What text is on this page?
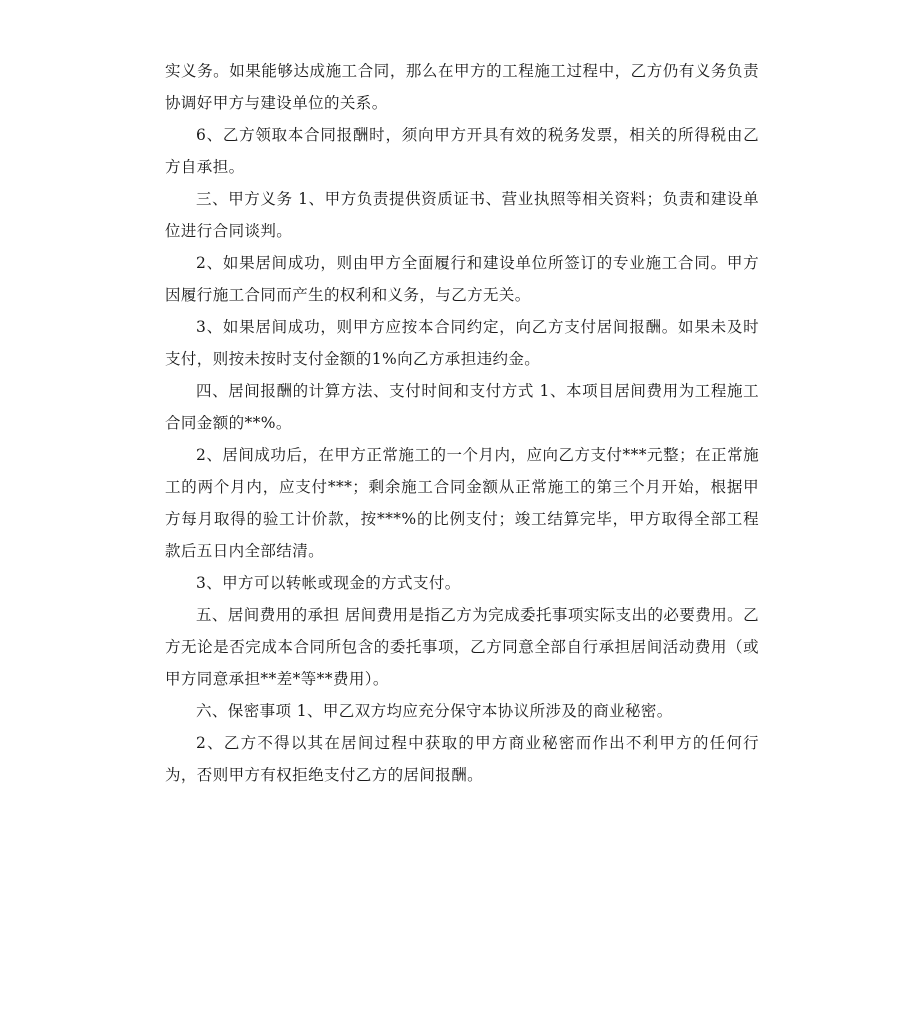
实义务。如果能够达成施工合同，那么在甲方的工程施工过程中，乙方仍有义务负责协调好甲方与建设单位的关系。

6、乙方领取本合同报酬时，须向甲方开具有效的税务发票，相关的所得税由乙方自承担。

三、甲方义务 1、甲方负责提供资质证书、营业执照等相关资料；负责和建设单位进行合同谈判。

2、如果居间成功，则由甲方全面履行和建设单位所签订的专业施工合同。甲方因履行施工合同而产生的权利和义务，与乙方无关。

3、如果居间成功，则甲方应按本合同约定，向乙方支付居间报酬。如果未及时支付，则按未按时支付金额的1%向乙方承担违约金。

四、居间报酬的计算方法、支付时间和支付方式 1、本项目居间费用为工程施工合同金额的**%。

2、居间成功后，在甲方正常施工的一个月内，应向乙方支付***元整；在正常施工的两个月内，应支付***；剩余施工合同金额从正常施工的第三个月开始，根据甲方每月取得的验工计价款，按***%的比例支付；竣工结算完毕，甲方取得全部工程款后五日内全部结清。

3、甲方可以转帐或现金的方式支付。

五、居间费用的承担 居间费用是指乙方为完成委托事项实际支出的必要费用。乙方无论是否完成本合同所包含的委托事项，乙方同意全部自行承担居间活动费用（或甲方同意承担**差*等**费用）。

六、保密事项 1、甲乙双方均应充分保守本协议所涉及的商业秘密。

2、乙方不得以其在居间过程中获取的甲方商业秘密而作出不利甲方的任何行为，否则甲方有权拒绝支付乙方的居间报酬。
